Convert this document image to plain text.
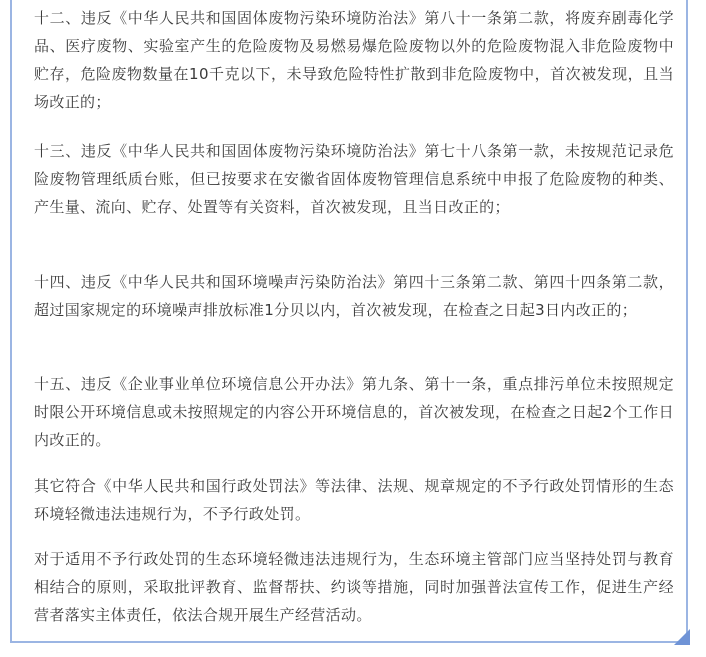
十二、违反《中华人民共和国固体废物污染环境防治法》第八十一条第二款，将废弃剧毒化学品、医疗废物、实验室产生的危险废物及易燃易爆危险废物以外的危险废物混入非危险废物中贮存，危险废物数量在10千克以下，未导致危险特性扩散到非危险废物中，首次被发现，且当场改正的；

十三、违反《中华人民共和国固体废物污染环境防治法》第七十八条第一款，未按规范记录危险废物管理纸质台账，但已按要求在安徽省固体废物管理信息系统中申报了危险废物的种类、产生量、流向、贮存、处置等有关资料，首次被发现，且当日改正的；

十四、违反《中华人民共和国环境噪声污染防治法》第四十三条第二款、第四十四条第二款，超过国家规定的环境噪声排放标准1分贝以内，首次被发现，在检查之日起3日内改正的；

十五、违反《企业事业单位环境信息公开办法》第九条、第十一条，重点排污单位未按照规定时限公开环境信息或未按照规定的内容公开环境信息的，首次被发现，在检查之日起2个工作日内改正的。

其它符合《中华人民共和国行政处罚法》等法律、法规、规章规定的不予行政处罚情形的生态环境轻微违法违规行为，不予行政处罚。

对于适用不予行政处罚的生态环境轻微违法违规行为，生态环境主管部门应当坚持处罚与教育相结合的原则，采取批评教育、监督帮扶、约谈等措施，同时加强普法宣传工作，促进生产经营者落实主体责任，依法合规开展生产经营活动。
